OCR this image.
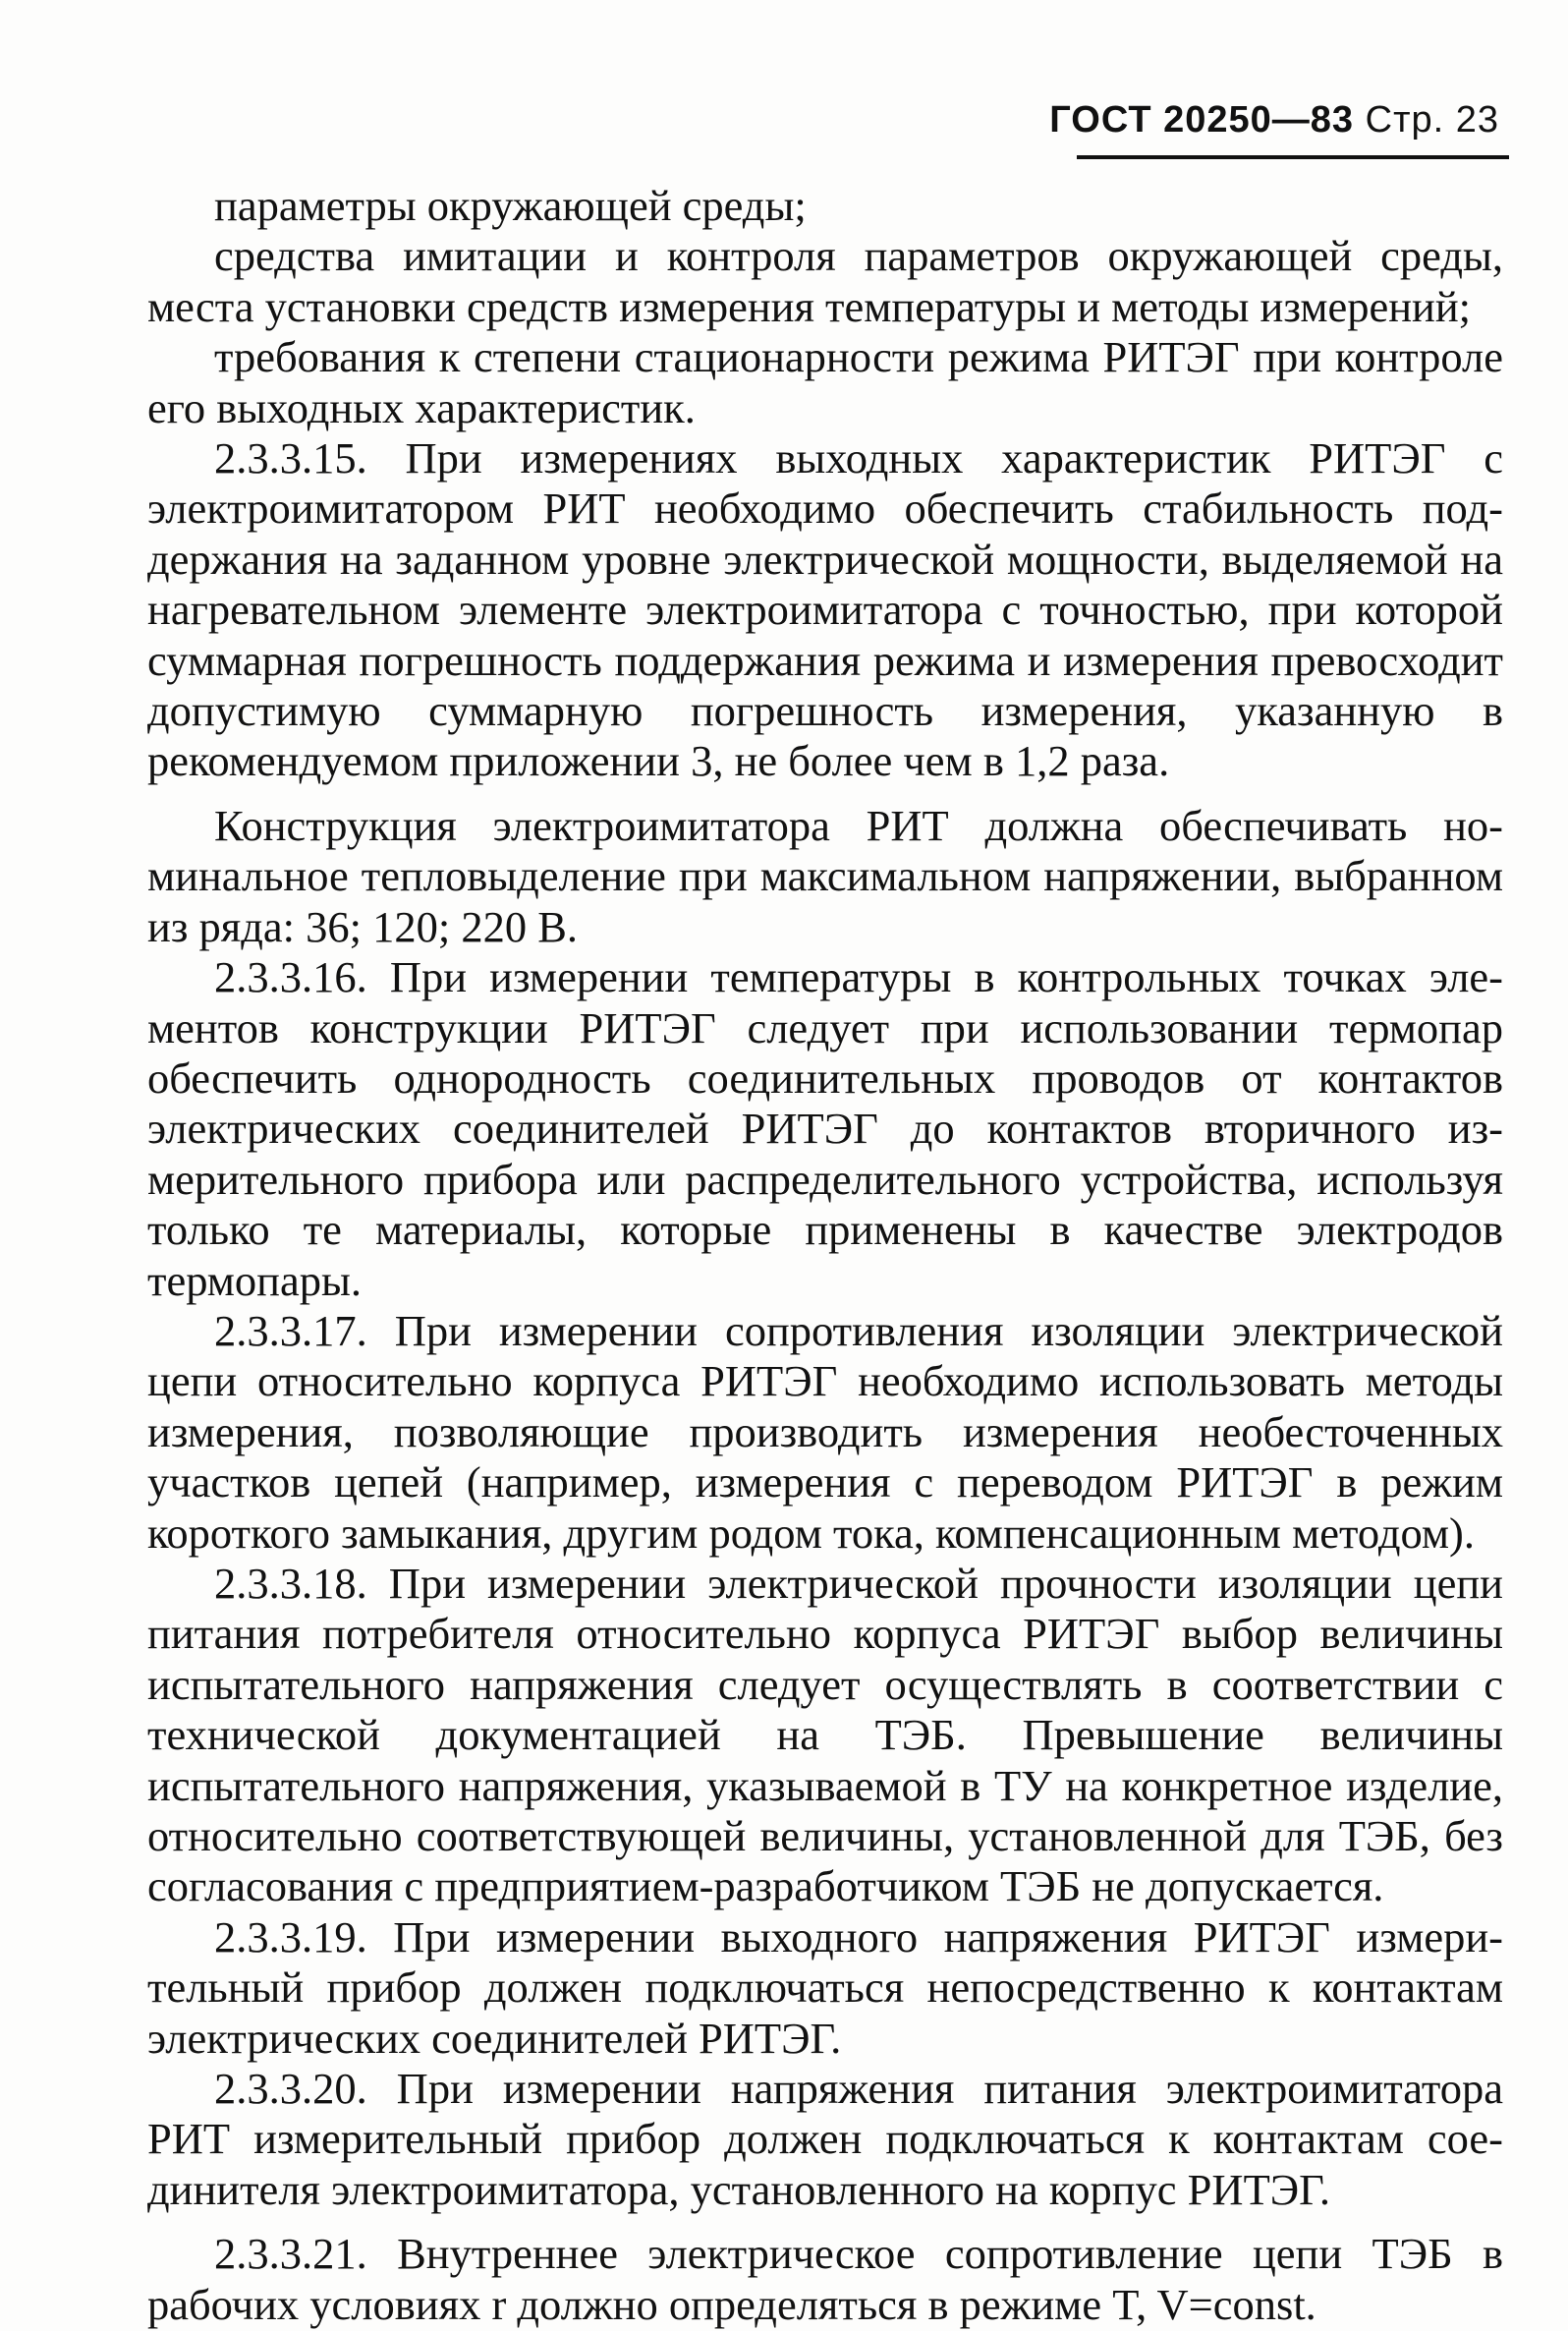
ГОСТ 20250—83 Стр. 23

параметры окружающей среды;

средства имитации и контроля параметров окружающей среды, места установки средств измерения температуры и методы измерений;

требования к степени стационарности режима РИТЭГ при контроле его выходных характеристик.

2.3.3.15. При измерениях выходных характеристик РИТЭГ с электроимитатором РИТ необходимо обеспечить стабильность поддержания на заданном уровне электрической мощности, выделяемой на нагревательном элементе электроимитатора с точностью, при которой суммарная погрешность поддержания режима и измерения превосходит допустимую суммарную погрешность измерения, указанную в рекомендуемом приложении 3, не более чем в 1,2 раза.

Конструкция электроимитатора РИТ должна обеспечивать номинальное тепловыделение при максимальном напряжении, выбранном из ряда: 36; 120; 220 В.

2.3.3.16. При измерении температуры в контрольных точках элементов конструкции РИТЭГ следует при использовании термопар обеспечить однородность соединительных проводов от контактов электрических соединителей РИТЭГ до контактов вторичного измерительного прибора или распределительного устройства, используя только те материалы, которые применены в качестве электродов термопары.

2.3.3.17. При измерении сопротивления изоляции электрической цепи относительно корпуса РИТЭГ необходимо использовать методы измерения, позволяющие производить измерения необесточенных участков цепей (например, измерения с переводом РИТЭГ в режим короткого замыкания, другим родом тока, компенсационным методом).

2.3.3.18. При измерении электрической прочности изоляции цепи питания потребителя относительно корпуса РИТЭГ выбор величины испытательного напряжения следует осуществлять в соответствии с технической документацией на ТЭБ. Превышение величины испытательного напряжения, указываемой в ТУ на конкретное изделие, относительно соответствующей величины, установленной для ТЭБ, без согласования с предприятием-разработчиком ТЭБ не допускается.

2.3.3.19. При измерении выходного напряжения РИТЭГ измерительный прибор должен подключаться непосредственно к контактам электрических соединителей РИТЭГ.

2.3.3.20. При измерении напряжения питания электроимитатора РИТ измерительный прибор должен подключаться к контактам соединителя электроимитатора, установленного на корпус РИТЭГ.

2.3.3.21. Внутреннее электрическое сопротивление цепи ТЭБ в рабочих условиях r должно определяться в режиме T, V=const.
